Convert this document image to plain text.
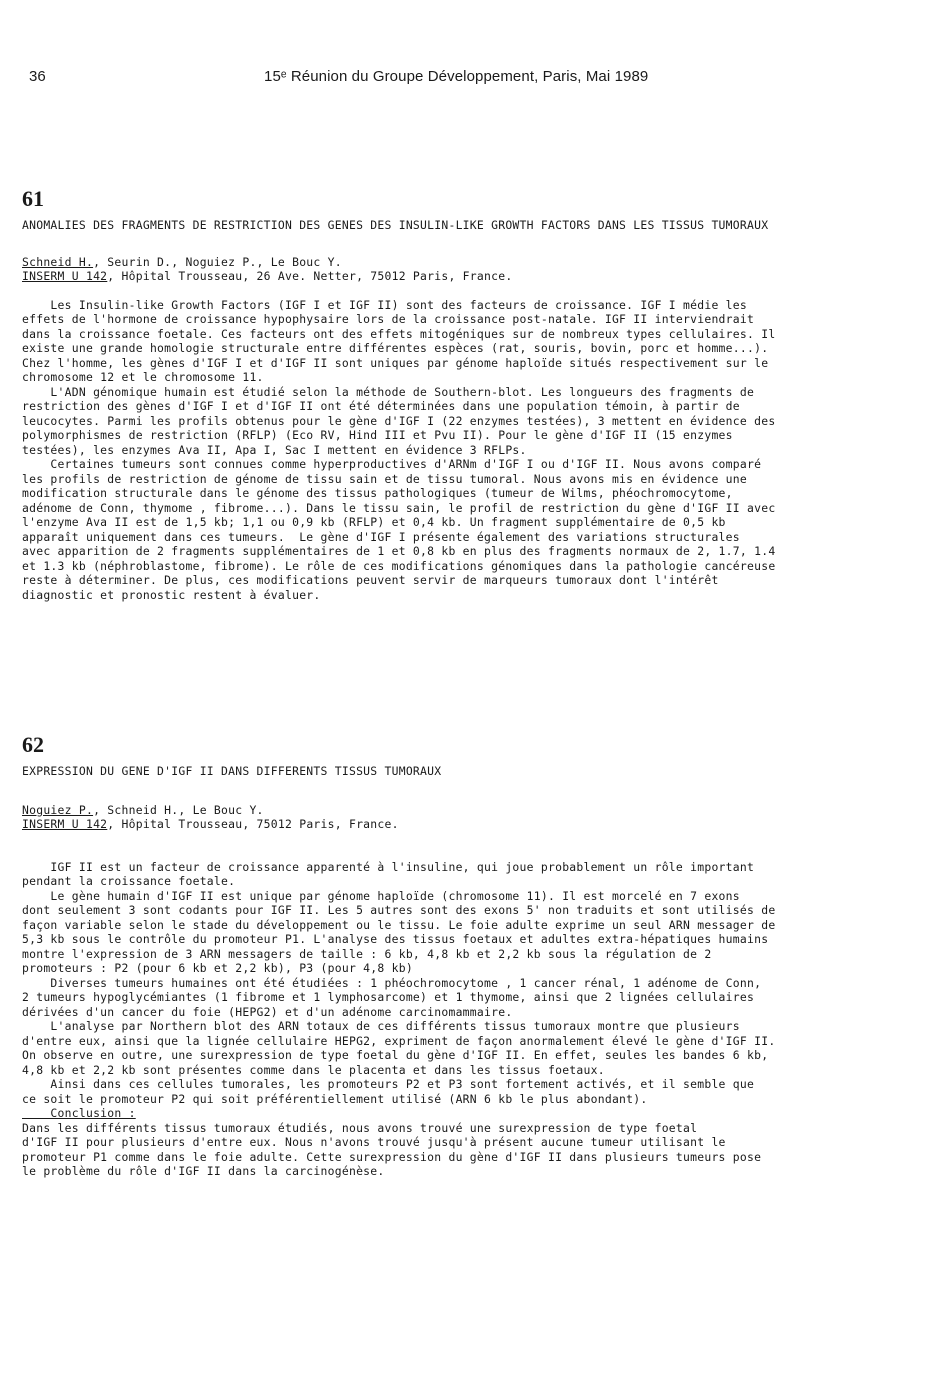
36	15ᵉ Réunion du Groupe Développement, Paris, Mai 1989
61
ANOMALIES DES FRAGMENTS DE RESTRICTION DES GENES DES INSULIN-LIKE GROWTH FACTORS DANS LES TISSUS TUMORAUX
Schneid H., Seurin D., Noguiez P., Le Bouc Y.
INSERM U 142, Hôpital Trousseau, 26 Ave. Netter, 75012 Paris, France.

Les Insulin-like Growth Factors (IGF I et IGF II) sont des facteurs de croissance. IGF I médie les

effets de l'hormone de croissance hypophysaire lors de la croissance post-natale. IGF II interviendrait

dans la croissance foetale. Ces facteurs ont des effets mitogéniques sur de nombreux types cellulaires. Il

existe une grande homologie structurale entre différentes espèces (rat, souris, bovin, porc et homme...).

Chez l'homme, les gènes d'IGF I et d'IGF II sont uniques par génome haploïde situés respectivement sur le

chromosome 12 et le chromosome 11.

L'ADN génomique humain est étudié selon la méthode de Southern-blot. Les longueurs des fragments de

restriction des gènes d'IGF I et d'IGF II ont été déterminées dans une population témoin, à partir de

leucocytes. Parmi les profils obtenus pour le gène d'IGF I (22 enzymes testées), 3 mettent en évidence des

polymorphismes de restriction (RFLP) (Eco RV, Hind III et Pvu II). Pour le gène d'IGF II (15 enzymes

testées), les enzymes Ava II, Apa I, Sac I mettent en évidence 3 RFLPs.

Certaines tumeurs sont connues comme hyperproductives d'ARNm d'IGF I ou d'IGF II. Nous avons comparé

les profils de restriction de génome de tissu sain et de tissu tumoral. Nous avons mis en évidence une

modification structurale dans le génome des tissus pathologiques (tumeur de Wilms, phéochromocytome,

adénome de Conn, thymome , fibrome...). Dans le tissu sain, le profil de restriction du gène d'IGF II avec

l'enzyme Ava II est de 1,5 kb; 1,1 ou 0,9 kb (RFLP) et 0,4 kb. Un fragment supplémentaire de 0,5 kb

apparaît uniquement dans ces tumeurs.  Le gène d'IGF I présente également des variations structurales

avec apparition de 2 fragments supplémentaires de 1 et 0,8 kb en plus des fragments normaux de 2, 1.7, 1.4

et 1.3 kb (néphroblastome, fibrome). Le rôle de ces modifications génomiques dans la pathologie cancéreuse

reste à déterminer. De plus, ces modifications peuvent servir de marqueurs tumoraux dont l'intérêt

diagnostic et pronostic restent à évaluer.

62
EXPRESSION DU GENE D'IGF II DANS DIFFERENTS TISSUS TUMORAUX
Noguiez P., Schneid H., Le Bouc Y.
INSERM U 142, Hôpital Trousseau, 75012 Paris, France.

IGF II est un facteur de croissance apparenté à l'insuline, qui joue probablement un rôle important

pendant la croissance foetale.

Le gène humain d'IGF II est unique par génome haploïde (chromosome 11). Il est morcelé en 7 exons

dont seulement 3 sont codants pour IGF II. Les 5 autres sont des exons 5' non traduits et sont utilisés de

façon variable selon le stade du développement ou le tissu. Le foie adulte exprime un seul ARN messager de

5,3 kb sous le contrôle du promoteur P1. L'analyse des tissus foetaux et adultes extra-hépatiques humains

montre l'expression de 3 ARN messagers de taille : 6 kb, 4,8 kb et 2,2 kb sous la régulation de 2

promoteurs : P2 (pour 6 kb et 2,2 kb), P3 (pour 4,8 kb)

Diverses tumeurs humaines ont été étudiées : 1 phéochromocytome , 1 cancer rénal, 1 adénome de Conn,

2 tumeurs hypoglycémiantes (1 fibrome et 1 lymphosarcome) et 1 thymome, ainsi que 2 lignées cellulaires

dérivées d'un cancer du foie (HEPG2) et d'un adénome carcinomammaire.

L'analyse par Northern blot des ARN totaux de ces différents tissus tumoraux montre que plusieurs

d'entre eux, ainsi que la lignée cellulaire HEPG2, expriment de façon anormalement élevé le gène d'IGF II.

On observe en outre, une surexpression de type foetal du gène d'IGF II. En effet, seules les bandes 6 kb,

4,8 kb et 2,2 kb sont présentes comme dans le placenta et dans les tissus foetaux.

Ainsi dans ces cellules tumorales, les promoteurs P2 et P3 sont fortement activés, et il semble que

ce soit le promoteur P2 qui soit préférentiellement utilisé (ARN 6 kb le plus abondant).

Conclusion :

Dans les différents tissus tumoraux étudiés, nous avons trouvé une surexpression de type foetal

d'IGF II pour plusieurs d'entre eux. Nous n'avons trouvé jusqu'à présent aucune tumeur utilisant le

promoteur P1 comme dans le foie adulte. Cette surexpression du gène d'IGF II dans plusieurs tumeurs pose

le problème du rôle d'IGF II dans la carcinogénèse.
